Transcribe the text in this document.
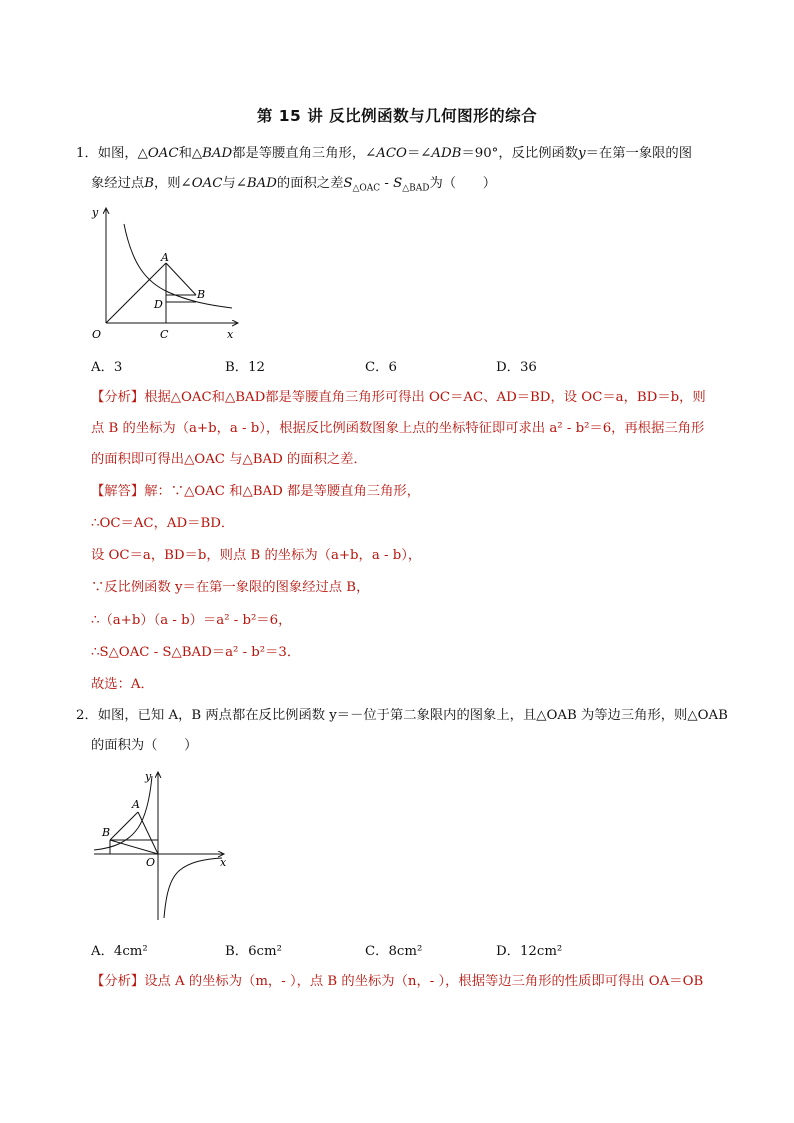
第 15 讲 反比例函数与几何图形的综合
1．如图，△OAC和△BAD都是等腰直角三角形，∠ACO＝∠ADB＝90°，反比例函数y＝在第一象限的图
象经过点B，则∠OAC与∠BAD的面积之差$S_{\triangle OAC} - S_{\triangle BAD}$为（　　）
y
x
O
A
B
C
D
A．3	B．12	C．6	D．36
【分析】根据△OAC和△BAD都是等腰直角三角形可得出 OC＝AC、AD＝BD，设 OC＝a，BD＝b，则
点 B 的坐标为（a+b，a - b），根据反比例函数图象上点的坐标特征即可求出 a² - b²＝6，再根据三角形
的面积即可得出△OAC 与△BAD 的面积之差．
【解答】解：∵△OAC 和△BAD 都是等腰直角三角形，
∴OC＝AC，AD＝BD．
设 OC＝a，BD＝b，则点 B 的坐标为（a+b，a - b），
∵反比例函数 y＝在第一象限的图象经过点 B，
∴（a+b）（a - b）＝a² - b²＝6，
∴S△OAC - S△BAD＝a² - b²＝3．
故选：A．
2．如图，已知 A，B 两点都在反比例函数 y＝－位于第二象限内的图象上，且△OAB 为等边三角形，则△OAB
的面积为（　　）
y
x
O
A
B
A．4cm²	B．6cm²	C．8cm²	D．12cm²
【分析】设点 A 的坐标为（m，- ），点 B 的坐标为（n，- ），根据等边三角形的性质即可得出 OA＝OB
